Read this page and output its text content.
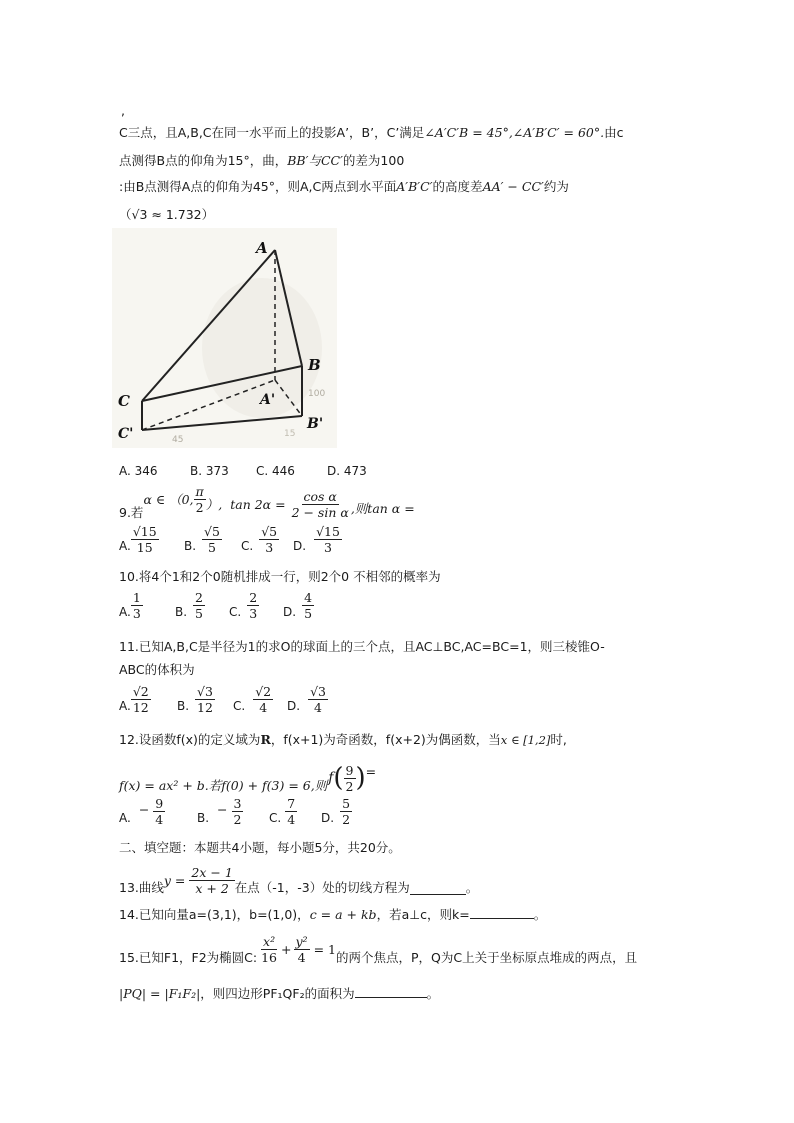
,
C三点，且A,B,C在同一水平而上的投影A’，B’，C’满足∠A′C′B = 45°,∠A′B′C′ = 60°.由c
点测得B点的仰角为15°，曲，BB′与CC′的差为100
:由B点测得A点的仰角为45°，则A,C两点到水平面A′B′C′的高度差AA′ − CC′约为
（√3 ≈ 1.732）
A
B
C	A'
B'
C'
100
45
15
A. 346	B. 373 C. 446	D. 473
9.若
α ∈ （0, $\frac{\pi}{2}$ ）, $\tan 2\alpha = \frac{\text{cos α}}{\text{2 − sin α}}$ ,则tan α =
A. $\frac{√15}{15} B$. $\frac{√5}{5} C$. $\frac{√5}{3} D$. $\frac{√15}{3}$
10.将4个1和2个0随机排成一行，则2个0 不相邻的概率为
A. $\frac{1}{3}$	B. $\frac{2}{5} C$. $\frac{2}{3} D$. $\frac{4}{5}$
11.已知A,B,C是半径为1的求O的球面上的三个点，且AC⊥BC,AC=BC=1，则三棱锥O-
ABC的体积为
A. $\frac{√2}{12} B$. $\frac{√3}{12} C$. $\frac{√2}{4} D$. $\frac{√3}{4}$
12.设函数f(x)的定义域为R，f(x+1)为奇函数，f(x+2)为偶函数，当x ∈ [1,2]时,
f(x) = ax² + b.若f(0) + f(3) = 6,则 f ( $\frac{9}{2}$ ) =
A.
− $\frac{9}{4}$	B.
− $\frac{3}{2} C$. $\frac{7}{4} D$. $\frac{5}{2}$
二、填空题：本题共4小题，每小题5分，共20分。
13.曲线 $y = \frac{2x - 1}{x + 2}$ 在点（-1，-3）处的切线方程为	。
14.已知向量a=(3,1)，b=(1,0)，c = a + kb，若a⊥c，则k=	。
15.已知F1，F2为椭圆C: $\frac{\text{x²}}{16} + \frac{\text{y²}}{4} = 1$
的两个焦点，P，Q为C上关于坐标原点堆成的两点，且
|PQ| = |F₁F₂|，则四边形PF₁QF₂的面积为	。
